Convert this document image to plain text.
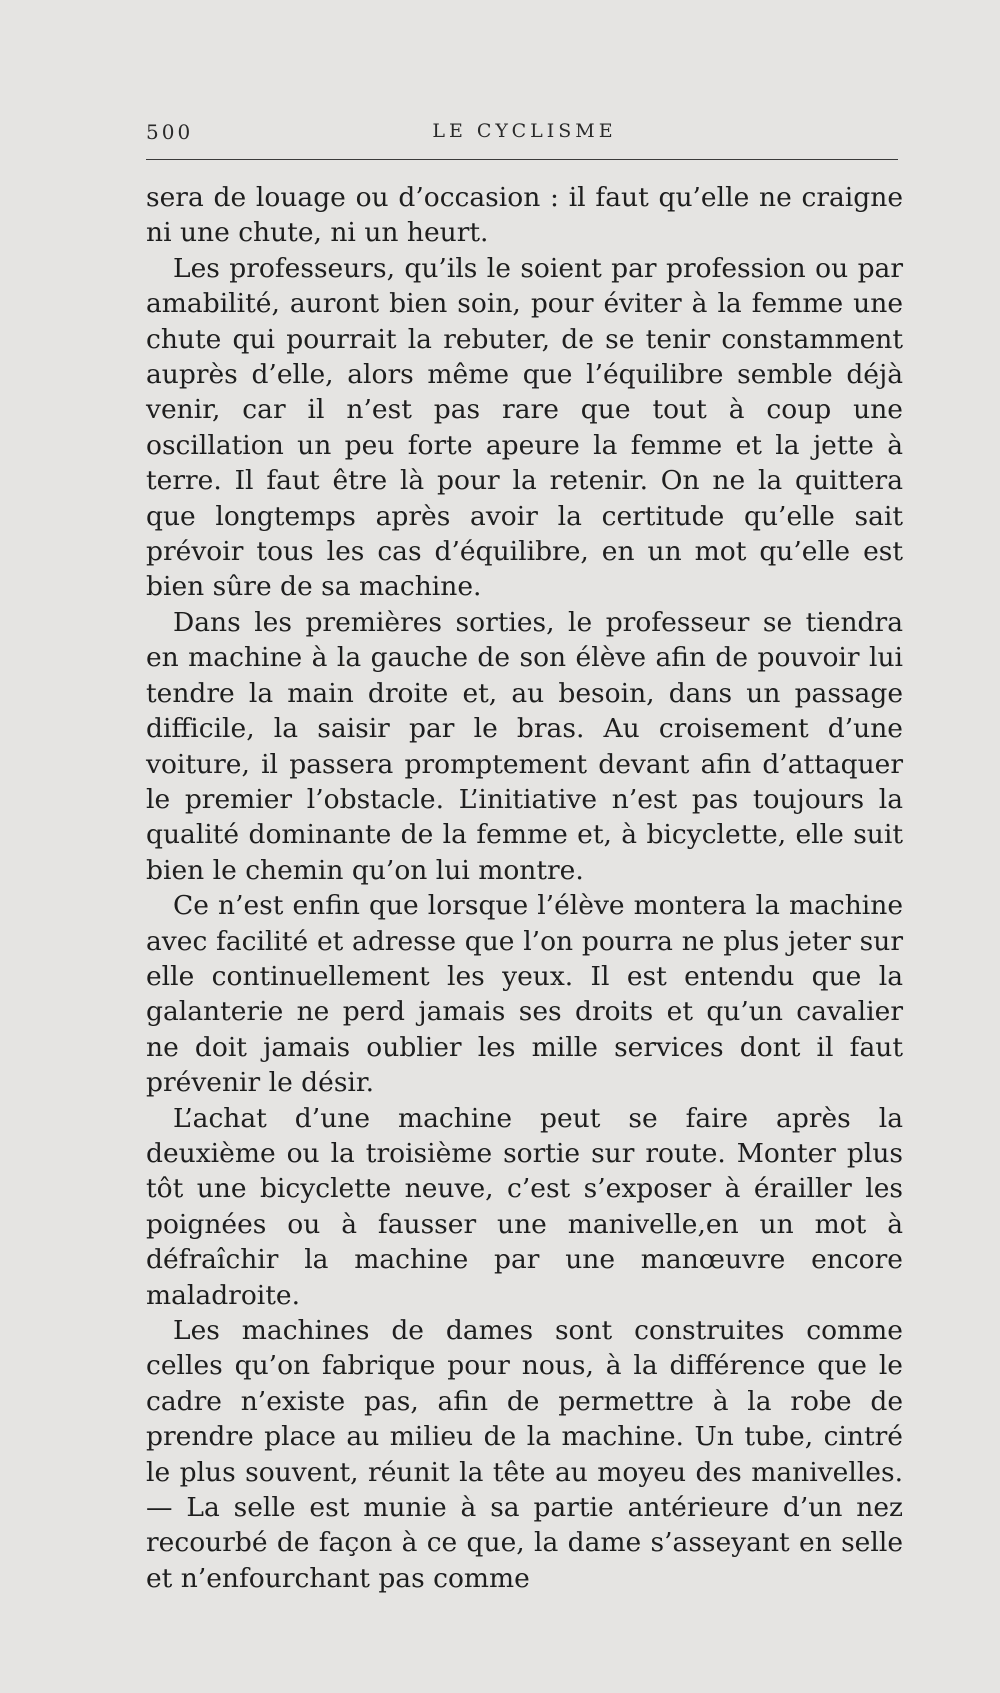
500	LE CYCLISME

sera de louage ou d’occasion : il faut qu’elle ne craigne ni une chute, ni un heurt.

Les professeurs, qu’ils le soient par profession ou par amabilité, auront bien soin, pour éviter à la femme une chute qui pourrait la rebuter, de se tenir constamment auprès d’elle, alors même que l’équilibre semble déjà venir, car il n’est pas rare que tout à coup une oscillation un peu forte apeure la femme et la jette à terre. Il faut être là pour la retenir. On ne la quittera que longtemps après avoir la certitude qu’elle sait prévoir tous les cas d’équilibre, en un mot qu’elle est bien sûre de sa machine.

Dans les premières sorties, le professeur se tiendra en machine à la gauche de son élève afin de pouvoir lui tendre la main droite et, au besoin, dans un passage difficile, la saisir par le bras. Au croisement d’une voiture, il passera promptement devant afin d’attaquer le premier l’obstacle. L’initiative n’est pas toujours la qualité dominante de la femme et, à bicyclette, elle suit bien le chemin qu’on lui montre.

Ce n’est enfin que lorsque l’élève montera la machine avec facilité et adresse que l’on pourra ne plus jeter sur elle continuellement les yeux. Il est entendu que la galanterie ne perd jamais ses droits et qu’un cavalier ne doit jamais oublier les mille services dont il faut prévenir le désir.

L’achat d’une machine peut se faire après la deuxième ou la troisième sortie sur route. Monter plus tôt une bicyclette neuve, c’est s’exposer à érailler les poignées ou à fausser une manivelle,en un mot à défraîchir la machine par une manœuvre encore maladroite.

Les machines de dames sont construites comme celles qu’on fabrique pour nous, à la différence que le cadre n’existe pas, afin de permettre à la robe de prendre place au milieu de la machine. Un tube, cintré le plus souvent, réunit la tête au moyeu des manivelles. — La selle est munie à sa partie antérieure d’un nez recourbé de façon à ce que, la dame s’asseyant en selle et n’enfourchant pas comme
